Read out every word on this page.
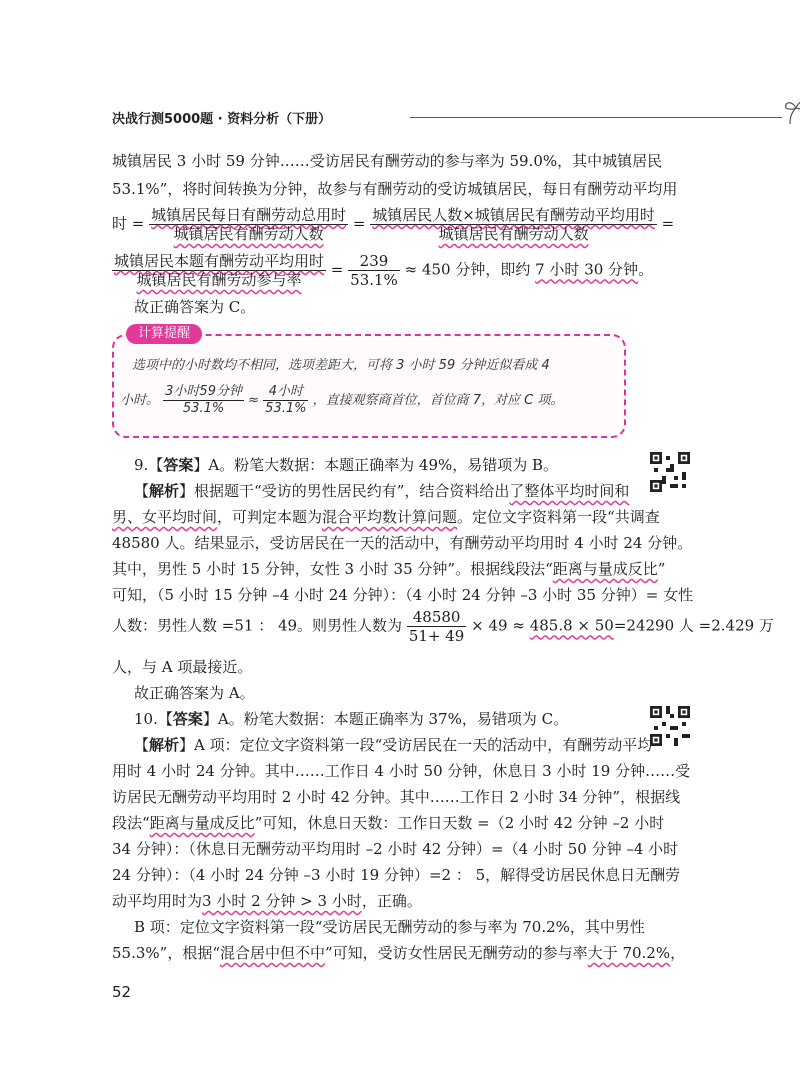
决战行测5000题 · 资料分析（下册）
城镇居民 3 小时 59 分钟……受访居民有酬劳动的参与率为 59.0%，其中城镇居民
53.1%”，将时间转换为分钟，故参与有酬劳动的受访城镇居民，每日有酬劳动平均用
时 = $\frac{\text{城镇居民每日有酬劳动总用时}}{\text{城镇居民有酬劳动人数}} = \frac{\text{城镇居民人数×城镇居民有酬劳动平均用时}}{\text{城镇居民有酬劳动人数}}$ =
$\frac{\text{城镇居民本题有酬劳动平均用时}}{\text{城镇居民有酬劳动参与率}} = \frac{239}{53.1\%} \approx 450$ 分钟，即约 7 小时 30 分钟。
故正确答案为 C。
计算提醒
选项中的小时数均不相同，选项差距大，可将 3 小时 59 分钟近似看成 4
小时。 $\frac{\text{3小时59分钟}}{53.1\%} \approx \frac{\text{4小时}}{53.1\%}$ ，直接观察商首位，首位商 7，对应 C 项。
9.【答案】A。粉笔大数据：本题正确率为 49%，易错项为 B。
【解析】根据题干“受访的男性居民约有”，结合资料给出了整体平均时间和
男、女平均时间，可判定本题为混合平均数计算问题。定位文字资料第一段“共调查
48580 人。结果显示，受访居民在一天的活动中，有酬劳动平均用时 4 小时 24 分钟。
其中，男性 5 小时 15 分钟，女性 3 小时 35 分钟”。根据线段法“距离与量成反比”
可知，（5 小时 15 分钟 –4 小时 24 分钟）：（4 小时 24 分钟 –3 小时 35 分钟）= 女性
人数：男性人数 =51 ： 49。则男性人数为 $\frac{48580}{51+ 49} \times 49 \approx 485.8 \times 50=24290$ 人 =2.429 万
人，与 A 项最接近。
故正确答案为 A。
10.【答案】A。粉笔大数据：本题正确率为 37%，易错项为 C。
【解析】A 项：定位文字资料第一段“受访居民在一天的活动中，有酬劳动平均
用时 4 小时 24 分钟。其中……工作日 4 小时 50 分钟，休息日 3 小时 19 分钟……受
访居民无酬劳动平均用时 2 小时 42 分钟。其中……工作日 2 小时 34 分钟”，根据线
段法“距离与量成反比”可知，休息日天数：工作日天数 =（2 小时 42 分钟 –2 小时
34 分钟）：（休息日无酬劳动平均用时 –2 小时 42 分钟）=（4 小时 50 分钟 –4 小时
24 分钟）：（4 小时 24 分钟 –3 小时 19 分钟）=2 ： 5，解得受访居民休息日无酬劳
动平均用时为3 小时 2 分钟 > 3 小时，正确。
B 项：定位文字资料第一段“受访居民无酬劳动的参与率为 70.2%，其中男性
55.3%”，根据“混合居中但不中”可知，受访女性居民无酬劳动的参与率大于 70.2%，
52
